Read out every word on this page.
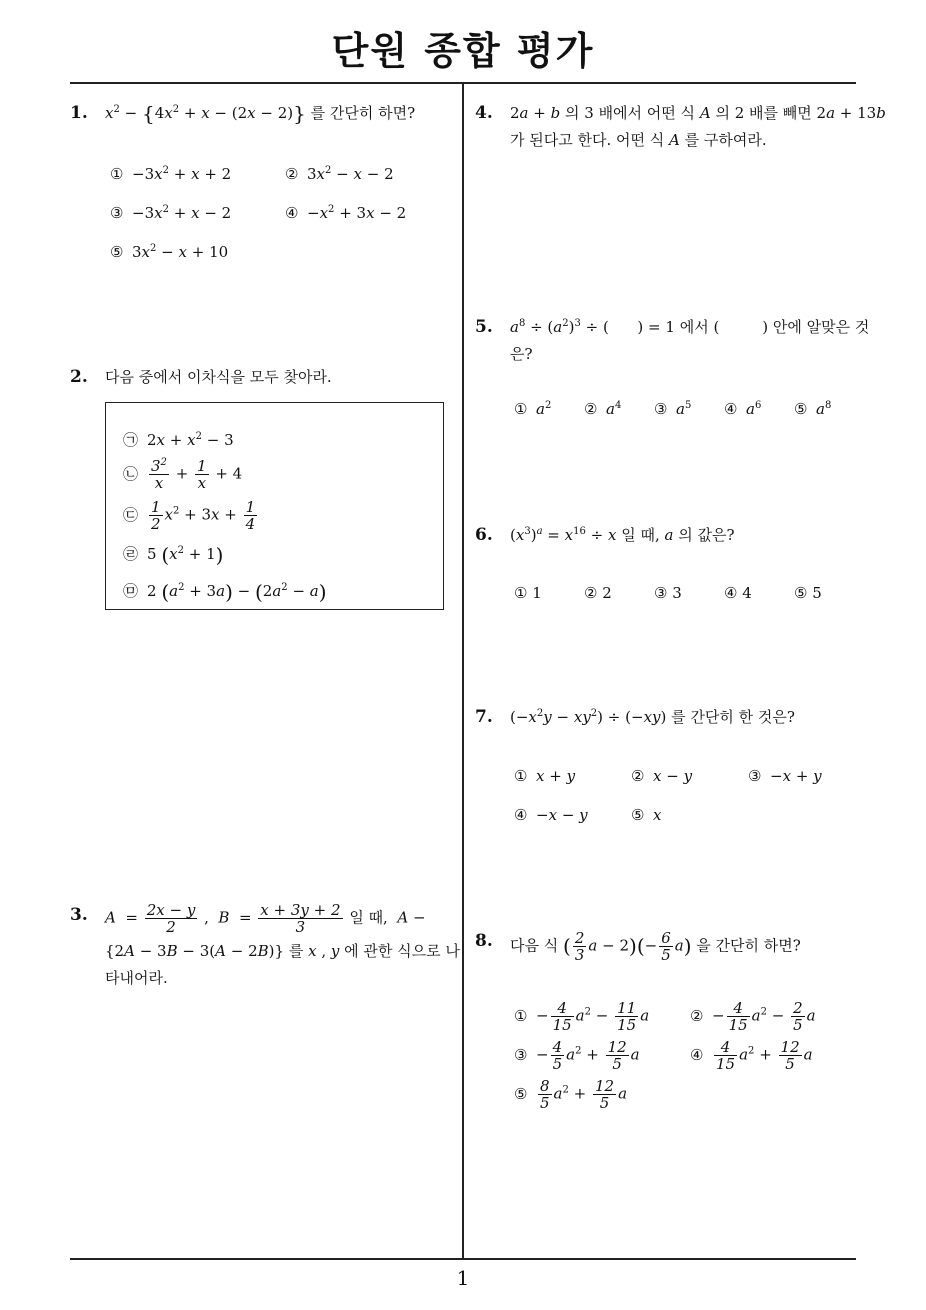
단원 종합 평가
1
1. $x^2 - \{4x^2 + x - (2x - 2)\}$ 를 간단히 하면?
① $-3x^2 + x + 2$	② $3x^2 - x - 2$
③ $-3x^2 + x - 2$	④ $-x^2 + 3x - 2$
⑤ $3x^2 - x + 10$
2. 다음 중에서 이차식을 모두 찾아라.
㉠ $2x + x^2 - 3$
㉡ $\frac{3^2}{x} + \frac{1}{x} + 4$
㉢ $\frac{1}{2} x^2 + 3x + \frac{1}{4}$
㉣ 5 $(x^2 + 1)$
㉤ 2 $(a^2 + 3a) - (2a^2 - a)$
3. $A = \frac{2x - y}{2}$ ,  $B = \frac{x + 3y + 2}{3}$ 일 때, A −
{2A − 3B − 3(A − 2B)} 를 x , y 에 관한 식으로 나
타내어라.
4. 2a + b 의 3 배에서 어떤 식 A 의 2 배를 빼면 2a + 13b
가 된다고 한다. 어떤 식 A 를 구하여라.
5. $a^8 \div (a^2)^3$ ÷ (      ) = 1 에서 (	) 안에 알맞은 것
은?
① $a^2$ ② $a^4$ ③ $a^5$ ④ $a^6$ ⑤ $a^8$
6. $(x^3)^a = x^{16} \div x$ 일 때, a 의 값은?
① 1	② 2	③ 3	④ 4	⑤ 5
7. $(-x^2y - xy^2) \div (-xy)$ 를 간단히 한 것은?
① x + y	② x − y	③ −x + y
④ −x − y	⑤ x
8. 다음 식 ( $\frac{2}{3}$ $a - 2)(- \frac{6}{5} a)$ 을 간단히 하면?
① − $\frac{4}{15} a^2 - \frac{11}{15}$ a	② − $\frac{4}{15} a^2 - \frac{2}{5}$ a
③ − $\frac{4}{5} a^2 + \frac{12}{5}$ a	④ $\frac{4}{15} a^2 + \frac{12}{5}$ a
⑤ $\frac{8}{5} a^2 + \frac{12}{5}$ a
